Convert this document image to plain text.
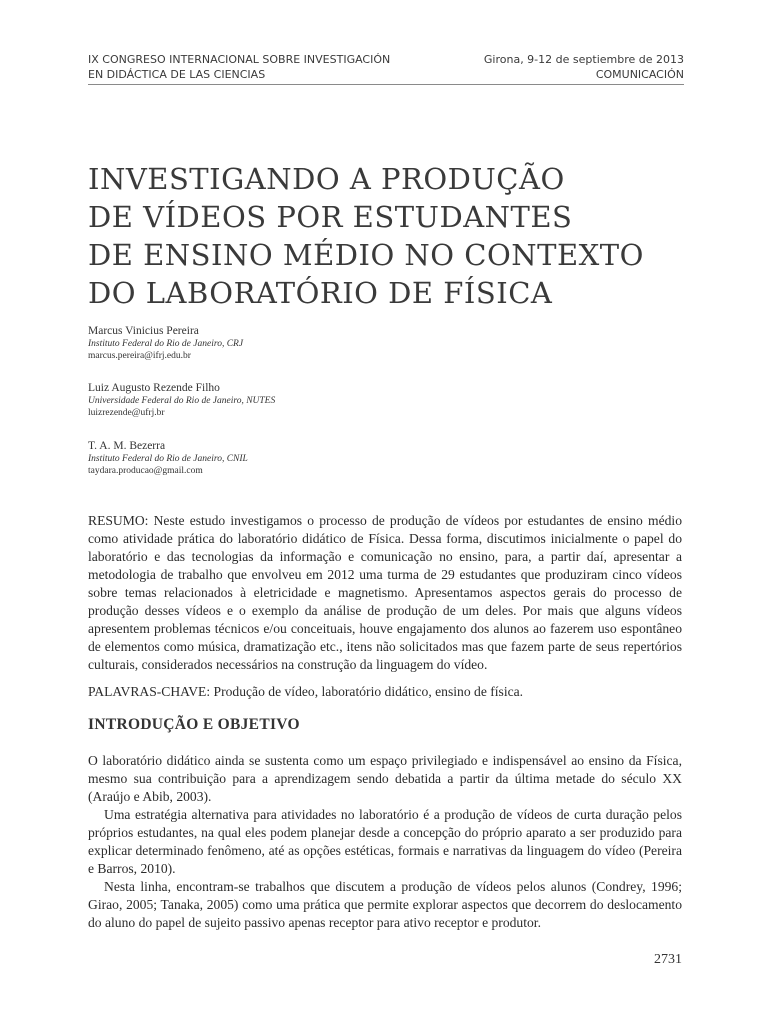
IX CONGRESO INTERNACIONAL SOBRE INVESTIGACIÓN
EN DIDÁCTICA DE LAS CIENCIAS
Girona, 9-12 de septiembre de 2013
COMUNICACIÓN
INVESTIGANDO A PRODUÇÃO
DE VÍDEOS POR ESTUDANTES
DE ENSINO MÉDIO NO CONTEXTO
DO LABORATÓRIO DE FÍSICA
Marcus Vinicius Pereira
Instituto Federal do Rio de Janeiro, CRJ
marcus.pereira@ifrj.edu.br
Luiz Augusto Rezende Filho
Universidade Federal do Rio de Janeiro, NUTES
luizrezende@ufrj.br
T. A. M. Bezerra
Instituto Federal do Rio de Janeiro, CNIL
taydara.producao@gmail.com

RESUMO: Neste estudo investigamos o processo de produção de vídeos por estudantes de ensino médio como atividade prática do laboratório didático de Física. Dessa forma, discutimos inicialmente o papel do laboratório e das tecnologias da informação e comunicação no ensino, para, a partir daí, apresentar a metodologia de trabalho que envolveu em 2012 uma turma de 29 estudantes que produziram cinco vídeos sobre temas relacionados à eletricidade e magnetismo. Apresentamos aspectos gerais do processo de produção desses vídeos e o exemplo da análise de produção de um deles. Por mais que alguns vídeos apresentem problemas técnicos e/ou conceituais, houve engajamento dos alunos ao fazerem uso espontâneo de elementos como música, dramatização etc., itens não solicitados mas que fazem parte de seus repertórios culturais, considerados necessários na construção da linguagem do vídeo.

PALAVRAS-CHAVE: Produção de vídeo, laboratório didático, ensino de física.

INTRODUÇÃO E OBJETIVO

O laboratório didático ainda se sustenta como um espaço privilegiado e indispensável ao ensino da Física, mesmo sua contribuição para a aprendizagem sendo debatida a partir da última metade do século XX (Araújo e Abib, 2003).

Uma estratégia alternativa para atividades no laboratório é a produção de vídeos de curta duração pelos próprios estudantes, na qual eles podem planejar desde a concepção do próprio aparato a ser produzido para explicar determinado fenômeno, até as opções estéticas, formais e narrativas da linguagem do vídeo (Pereira e Barros, 2010).

Nesta linha, encontram-se trabalhos que discutem a produção de vídeos pelos alunos (Condrey, 1996; Girao, 2005; Tanaka, 2005) como uma prática que permite explorar aspectos que decorrem do deslocamento do aluno do papel de sujeito passivo apenas receptor para ativo receptor e produtor.

2731
